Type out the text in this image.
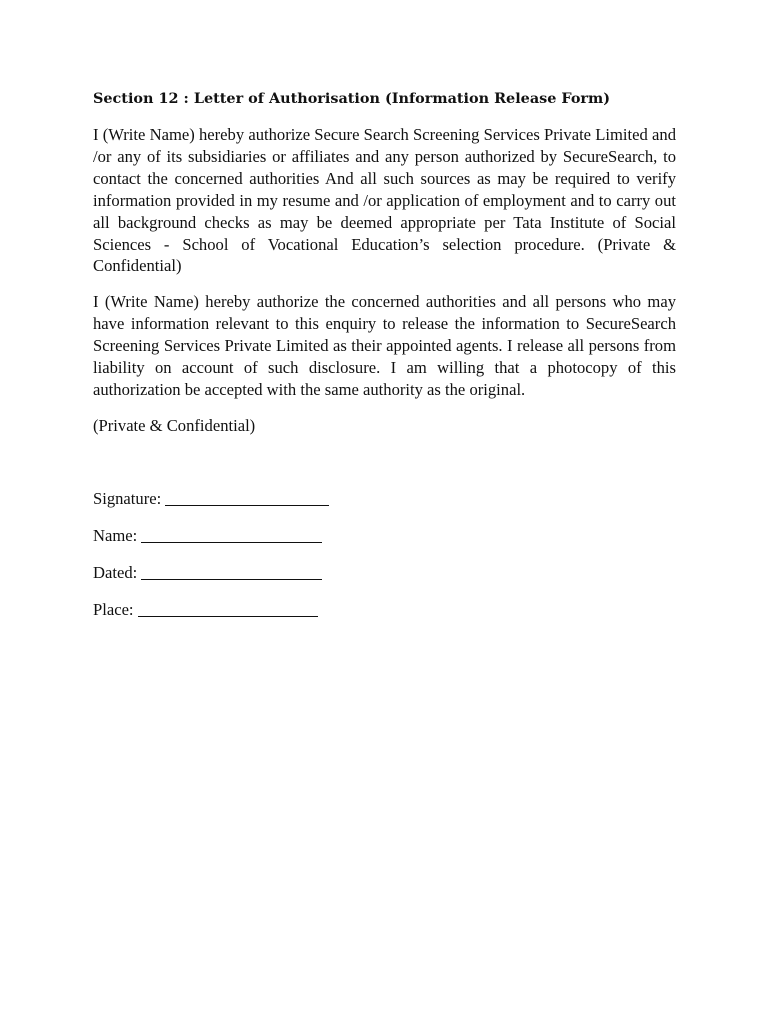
Section 12 : Letter of Authorisation (Information Release Form)

I (Write Name) hereby authorize Secure Search Screening Services Private Limited and /or any of its subsidiaries or affiliates and any person authorized by SecureSearch, to contact the concerned authorities And all such sources as may be required to verify information provided in my resume and /or application of employment and to carry out all background checks as may be deemed appropriate per Tata Institute of Social Sciences - School of Vocational Education’s selection procedure. (Private & Confidential)

I (Write Name) hereby authorize the concerned authorities and all persons who may have information relevant to this enquiry to release the information to SecureSearch Screening Services Private Limited as their appointed agents. I release all persons from liability on account of such disclosure. I am willing that a photocopy of this authorization be accepted with the same authority as the original.

(Private & Confidential)

Signature:
Name:
Dated:
Place:
